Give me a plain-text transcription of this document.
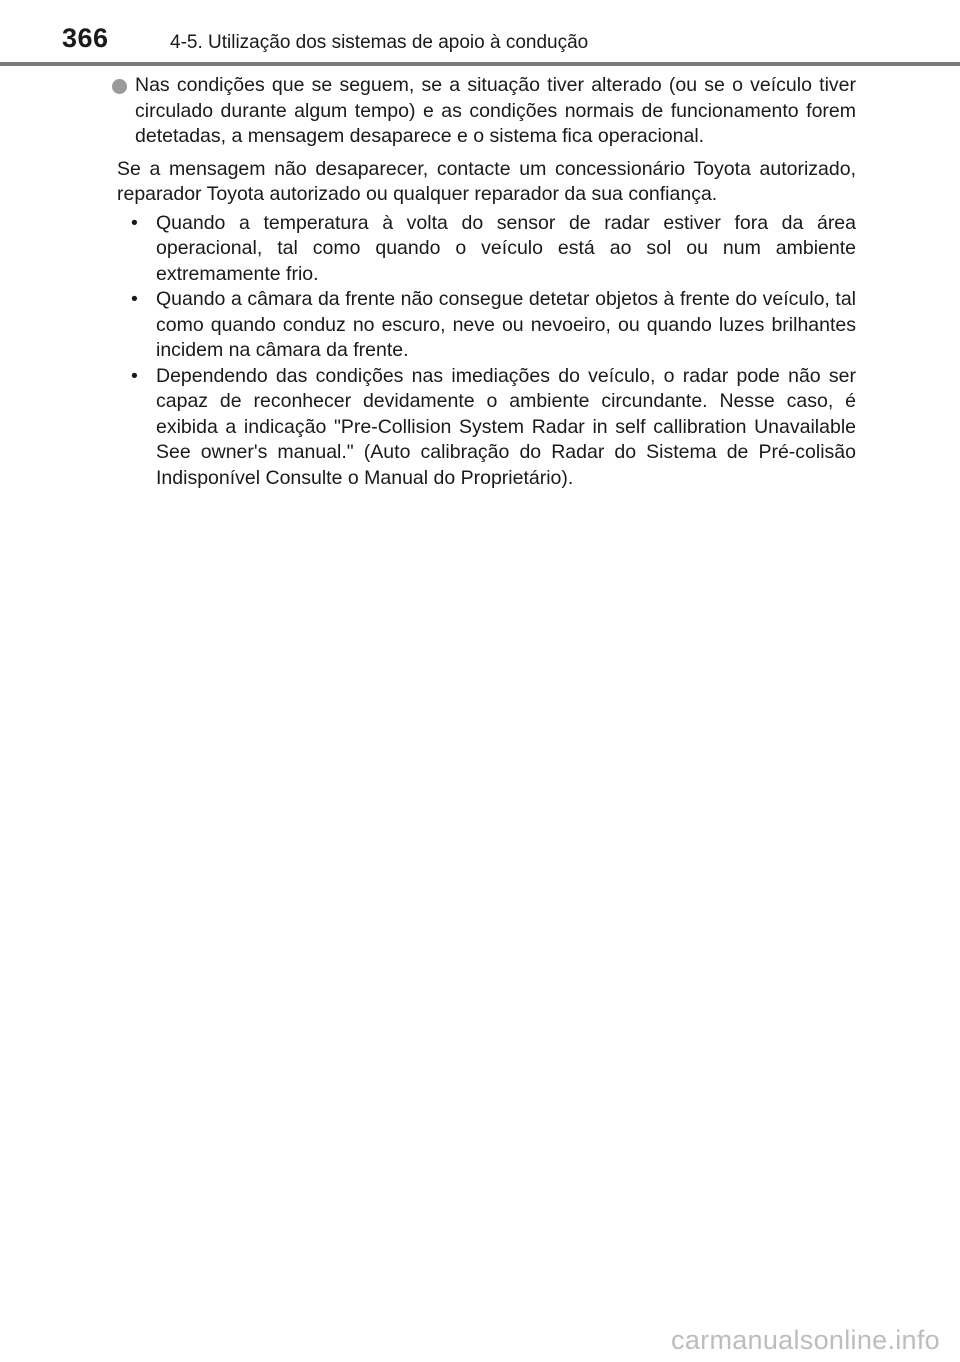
366	4-5. Utilização dos sistemas de apoio à condução
Nas condições que se seguem, se a situação tiver alterado (ou se o veículo tiver circulado durante algum tempo) e as condições normais de funcionamento forem detetadas, a mensagem desaparece e o sistema fica operacional.
Se a mensagem não desaparecer, contacte um concessionário Toyota autorizado, reparador Toyota autorizado ou qualquer reparador da sua confiança.
• Quando a temperatura à volta do sensor de radar estiver fora da área operacional, tal como quando o veículo está ao sol ou num ambiente extremamente frio.
• Quando a câmara da frente não consegue detetar objetos à frente do veículo, tal como quando conduz no escuro, neve ou nevoeiro, ou quando luzes brilhantes incidem na câmara da frente.
• Dependendo das condições nas imediações do veículo, o radar pode não ser capaz de reconhecer devidamente o ambiente circundante. Nesse caso, é exibida a indicação "Pre-Collision System Radar in self callibration Unavailable See owner's manual." (Auto calibração do Radar do Sistema de Pré-colisão Indisponível Consulte o Manual do Proprietário).
carmanualsonline.info
